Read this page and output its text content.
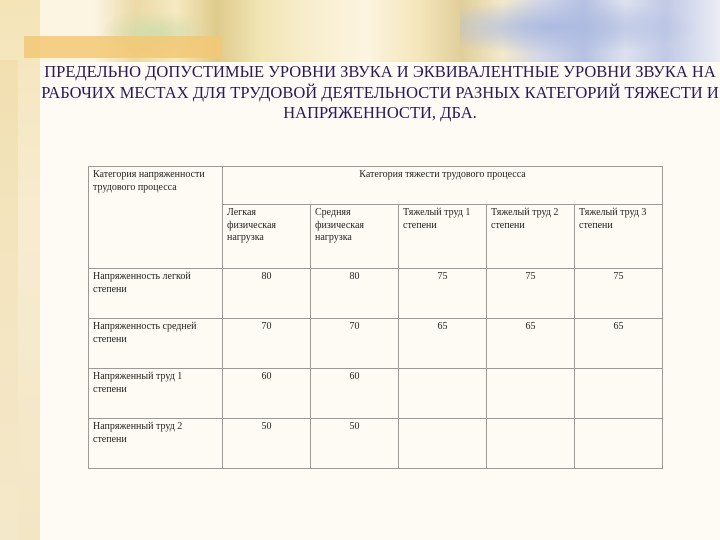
ПРЕДЕЛЬНО ДОПУСТИМЫЕ УРОВНИ ЗВУКА И ЭКВИВАЛЕНТНЫЕ УРОВНИ ЗВУКА НА РАБОЧИХ МЕСТАХ ДЛЯ ТРУДОВОЙ ДЕЯТЕЛЬНОСТИ РАЗНЫХ КАТЕГОРИЙ ТЯЖЕСТИ И НАПРЯЖЕННОСТИ, ДБА.
Категория напряженности трудового процесса	Категория тяжести трудового процесса				
	Легкая физическая нагрузка	Средняя физическая нагрузка	Тяжелый труд 1 степени	Тяжелый труд 2 степени	Тяжелый труд 3 степени
Напряженность легкой степени	80	80	75	75	75
Напряженность средней степени	70	70	65	65	65
Напряженный труд 1 степени	60	60			
Напряженный труд 2 степени	50	50			
